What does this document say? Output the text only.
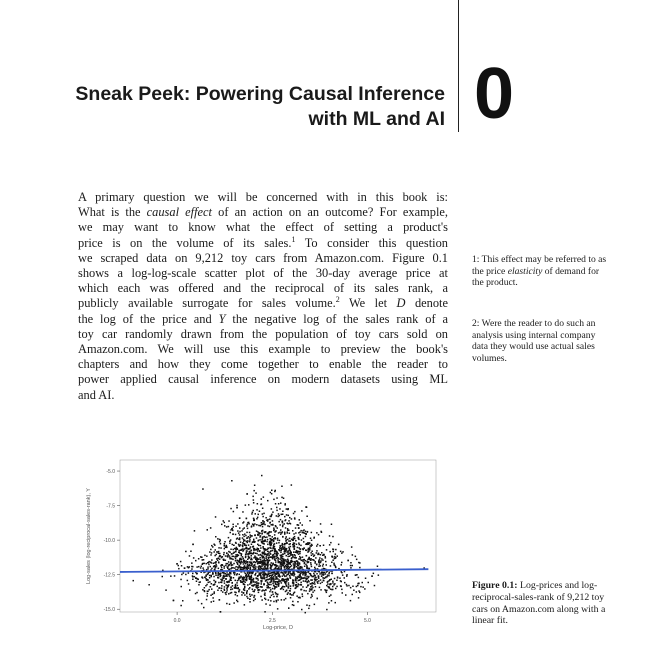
Sneak Peek: Powering Causal Inference
with ML and AI 0
A primary question we will be concerned with in this book is:
What is the causal effect of an action on an outcome? For example,
we may want to know what the effect of setting a product's
price is on the volume of its sales.$^1$ To consider this question
we scraped data on 9,212 toy cars from Amazon.com. Figure 0.1
shows a log-log-scale scatter plot of the 30-day average price at
which each was offered and the reciprocal of its sales rank, a
publicly available surrogate for sales volume.$^2$ We let D denote
the log of the price and Y the negative log of the sales rank of a
toy car randomly drawn from the population of toy cars sold on
Amazon.com. We will use this example to preview the book's
chapters and how they come together to enable the reader to
power applied causal inference on modern datasets using ML
and AI.
1: This effect may be referred to as
the price elasticity of demand for
the product.
2: Were the reader to do such an
analysis using internal company
data they would use actual sales
volumes.
0.0	2.5	5.0
-5.0
-7.5
-10.0
-12.5
-15.0
Log-price, D
Log-sales (log-reciprocal-sales-rank), Y
Figure 0.1: Log-prices and log-
reciprocal-sales-rank of 9,212 toy
cars on Amazon.com along with a
linear fit.
